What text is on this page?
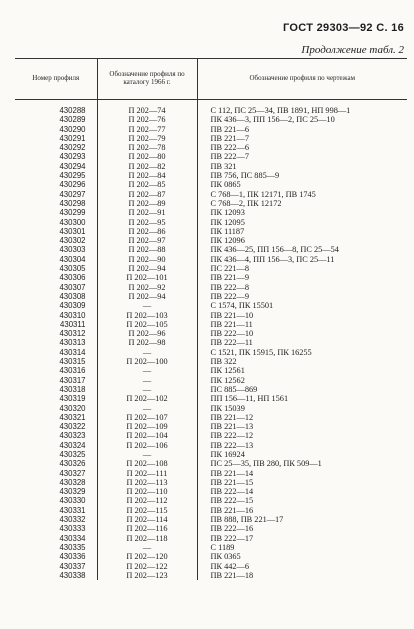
ГОСТ 29303—92 С. 16
Продолжение табл. 2
Номер профиля	Обозначение профиля по каталогу 1966 г.	Обозначение профиля по чертежам
430288	П 202—74	С 112, ПС 25—34, ПВ 1891, НП 998—1
430289	П 202—76	ПК 436—3, ПП 156—2, ПС 25—10
430290	П 202—77	ПВ 221—6
430291	П 202—79	ПВ 221—7
430292	П 202—78	ПВ 222—6
430293	П 202—80	ПВ 222—7
430294	П 202—82	ПВ 321
430295	П 202—84	ПВ 756, ПС 885—9
430296	П 202—85	ПК 0865
430297	П 202—87	С 768—1, ПК 12171, ПВ 1745
430298	П 202—89	С 768—2, ПК 12172
430299	П 202—91	ПК 12093
430300	П 202—95	ПК 12095
430301	П 202—86	ПК 11187
430302	П 202—97	ПК 12096
430303	П 202—88	ПК 436—25, ПП 156—8, ПС 25—54
430304	П 202—90	ПК 436—4, ПП 156—3, ПС 25—11
430305	П 202—94	ПС 221—8
430306	П 202—101	ПВ 221—9
430307	П 202—92	ПВ 222—8
430308	П 202—94	ПВ 222—9
430309	—	С 1574, ПК 15501
430310	П 202—103	ПВ 221—10
430311	П 202—105	ПВ 221—11
430312	П 202—96	ПВ 222—10
430313	П 202—98	ПВ 222—11
430314	—	С 1521, ПК 15915, ПК 16255
430315	П 202—100	ПВ 322
430316	—	ПК 12561
430317	—	ПК 12562
430318	—	ПС 885—869
430319	П 202—102	ПП 156—11, НП 1561
430320	—	ПК 15039
430321	П 202—107	ПВ 221—12
430322	П 202—109	ПВ 221—13
430323	П 202—104	ПВ 222—12
430324	П 202—106	ПВ 222—13
430325	—	ПК 16924
430326	П 202—108	ПС 25—35, ПВ 280, ПК 509—1
430327	П 202—111	ПВ 221—14
430328	П 202—113	ПВ 221—15
430329	П 202—110	ПВ 222—14
430330	П 202—112	ПВ 222—15
430331	П 202—115	ПВ 221—16
430332	П 202—114	ПВ 888, ПВ 221—17
430333	П 202—116	ПВ 222—16
430334	П 202—118	ПВ 222—17
430335	—	С 1189
430336	П 202—120	ПК 0365
430337	П 202—122	ПК 442—6
430338	П 202—123	ПВ 221—18
